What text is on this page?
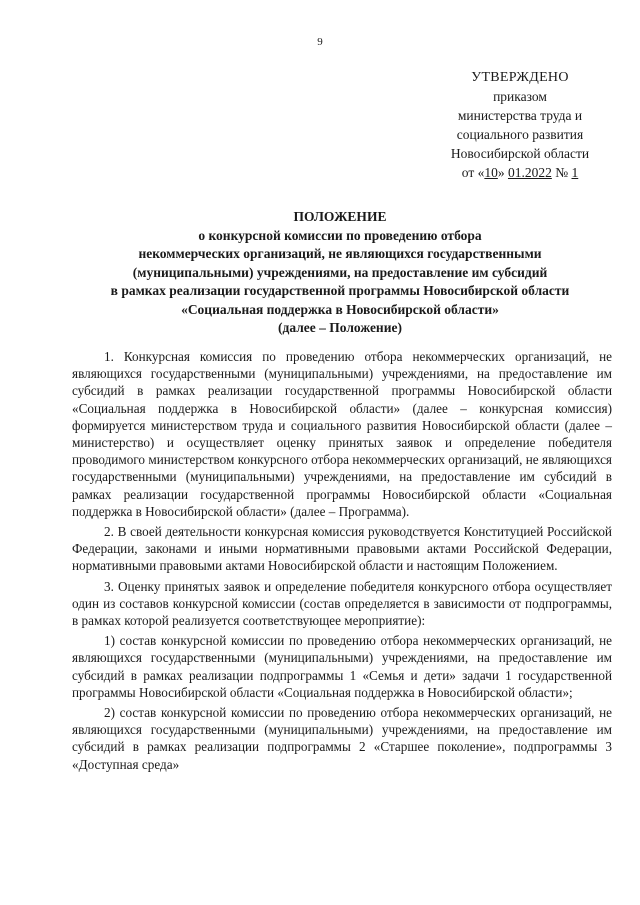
9
УТВЕРЖДЕНО
приказом
министерства труда и
социального развития
Новосибирской области
от «10» 01.2022 № 1
ПОЛОЖЕНИЕ
о конкурсной комиссии по проведению отбора
некоммерческих организаций, не являющихся государственными
(муниципальными) учреждениями, на предоставление им субсидий
в рамках реализации государственной программы Новосибирской области
«Социальная поддержка в Новосибирской области»
(далее – Положение)

1. Конкурсная комиссия по проведению отбора некоммерческих организаций, не являющихся государственными (муниципальными) учреждениями, на предоставление им субсидий в рамках реализации государственной программы Новосибирской области «Социальная поддержка в Новосибирской области» (далее – конкурсная комиссия) формируется министерством труда и социального развития Новосибирской области (далее – министерство) и осуществляет оценку принятых заявок и определение победителя проводимого министерством конкурсного отбора некоммерческих организаций, не являющихся государственными (муниципальными) учреждениями, на предоставление им субсидий в рамках реализации государственной программы Новосибирской области «Социальная поддержка в Новосибирской области» (далее – Программа).

2. В своей деятельности конкурсная комиссия руководствуется Конституцией Российской Федерации, законами и иными нормативными правовыми актами Российской Федерации, нормативными правовыми актами Новосибирской области и настоящим Положением.

3. Оценку принятых заявок и определение победителя конкурсного отбора осуществляет один из составов конкурсной комиссии (состав определяется в зависимости от подпрограммы, в рамках которой реализуется соответствующее мероприятие):

1) состав конкурсной комиссии по проведению отбора некоммерческих организаций, не являющихся государственными (муниципальными) учреждениями, на предоставление им субсидий в рамках реализации подпрограммы 1 «Семья и дети» задачи 1 государственной программы Новосибирской области «Социальная поддержка в Новосибирской области»;

2) состав конкурсной комиссии по проведению отбора некоммерческих организаций, не являющихся государственными (муниципальными) учреждениями, на предоставление им субсидий в рамках реализации подпрограммы 2 «Старшее поколение», подпрограммы 3 «Доступная среда»
